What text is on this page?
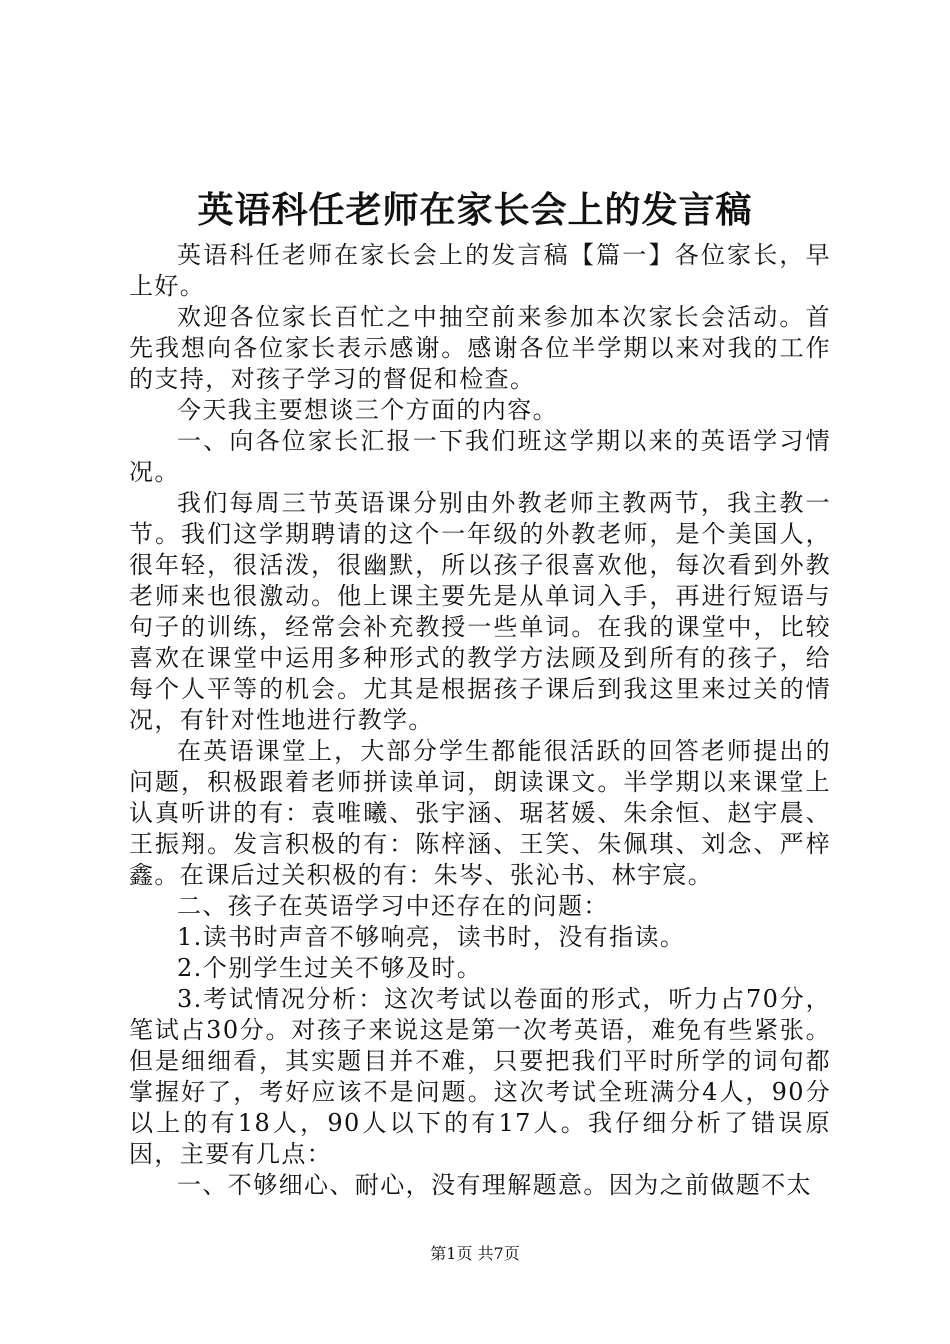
英语科任老师在家长会上的发言稿

英语科任老师在家长会上的发言稿【篇一】各位家长，早上好。

欢迎各位家长百忙之中抽空前来参加本次家长会活动。首先我想向各位家长表示感谢。感谢各位半学期以来对我的工作的支持，对孩子学习的督促和检查。

今天我主要想谈三个方面的内容。

一、向各位家长汇报一下我们班这学期以来的英语学习情况。

我们每周三节英语课分别由外教老师主教两节，我主教一节。我们这学期聘请的这个一年级的外教老师，是个美国人，很年轻，很活泼，很幽默，所以孩子很喜欢他，每次看到外教老师来也很激动。他上课主要先是从单词入手，再进行短语与句子的训练，经常会补充教授一些单词。在我的课堂中，比较喜欢在课堂中运用多种形式的教学方法顾及到所有的孩子，给每个人平等的机会。尤其是根据孩子课后到我这里来过关的情况，有针对性地进行教学。

在英语课堂上，大部分学生都能很活跃的回答老师提出的问题，积极跟着老师拼读单词，朗读课文。半学期以来课堂上认真听讲的有：袁唯曦、张宇涵、琚茗媛、朱余恒、赵宇晨、王振翔。发言积极的有：陈梓涵、王笑、朱佩琪、刘念、严梓鑫。在课后过关积极的有：朱岑、张沁书、林宇宸。

二、孩子在英语学习中还存在的问题：

1.读书时声音不够响亮，读书时，没有指读。

2.个别学生过关不够及时。

3.考试情况分析：这次考试以卷面的形式，听力占70分，笔试占30分。对孩子来说这是第一次考英语，难免有些紧张。但是细细看，其实题目并不难，只要把我们平时所学的词句都掌握好了，考好应该不是问题。这次考试全班满分4人，90分以上的有18人，90人以下的有17人。我仔细分析了错误原因，主要有几点：

一、不够细心、耐心，没有理解题意。因为之前做题不太

第1页 共7页
